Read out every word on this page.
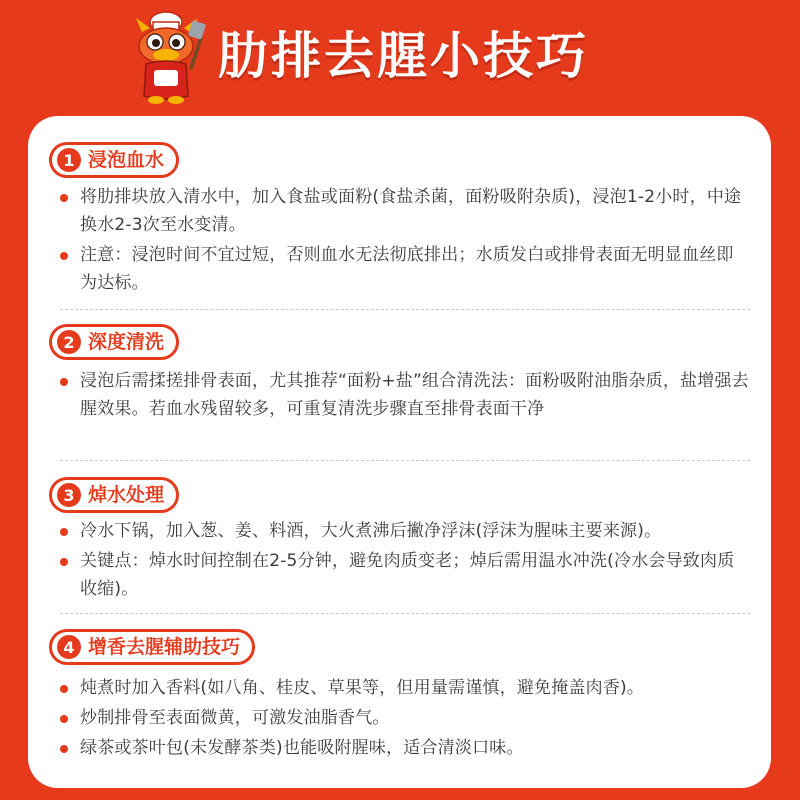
肋排去腥小技巧
1 浸泡血水
将肋排块放入清水中，加入食盐或面粉(食盐杀菌，面粉吸附杂质)，浸泡1-2小时，中途换水2-3次至水变清。
注意：浸泡时间不宜过短，否则血水无法彻底排出；水质发白或排骨表面无明显血丝即为达标。
2 深度清洗
浸泡后需揉搓排骨表面，尤其推荐“面粉+盐”组合清洗法：面粉吸附油脂杂质，盐增强去腥效果。若血水残留较多，可重复清洗步骤直至排骨表面干净
3 焯水处理
冷水下锅，加入葱、姜、料酒，大火煮沸后撇净浮沫(浮沫为腥味主要来源)。
关键点：焯水时间控制在2-5分钟，避免肉质变老；焯后需用温水冲洗(冷水会导致肉质收缩)。
4 增香去腥辅助技巧
炖煮时加入香料(如八角、桂皮、草果等，但用量需谨慎，避免掩盖肉香)。
炒制排骨至表面微黄，可激发油脂香气。
绿茶或茶叶包(未发酵茶类)也能吸附腥味，适合清淡口味。
